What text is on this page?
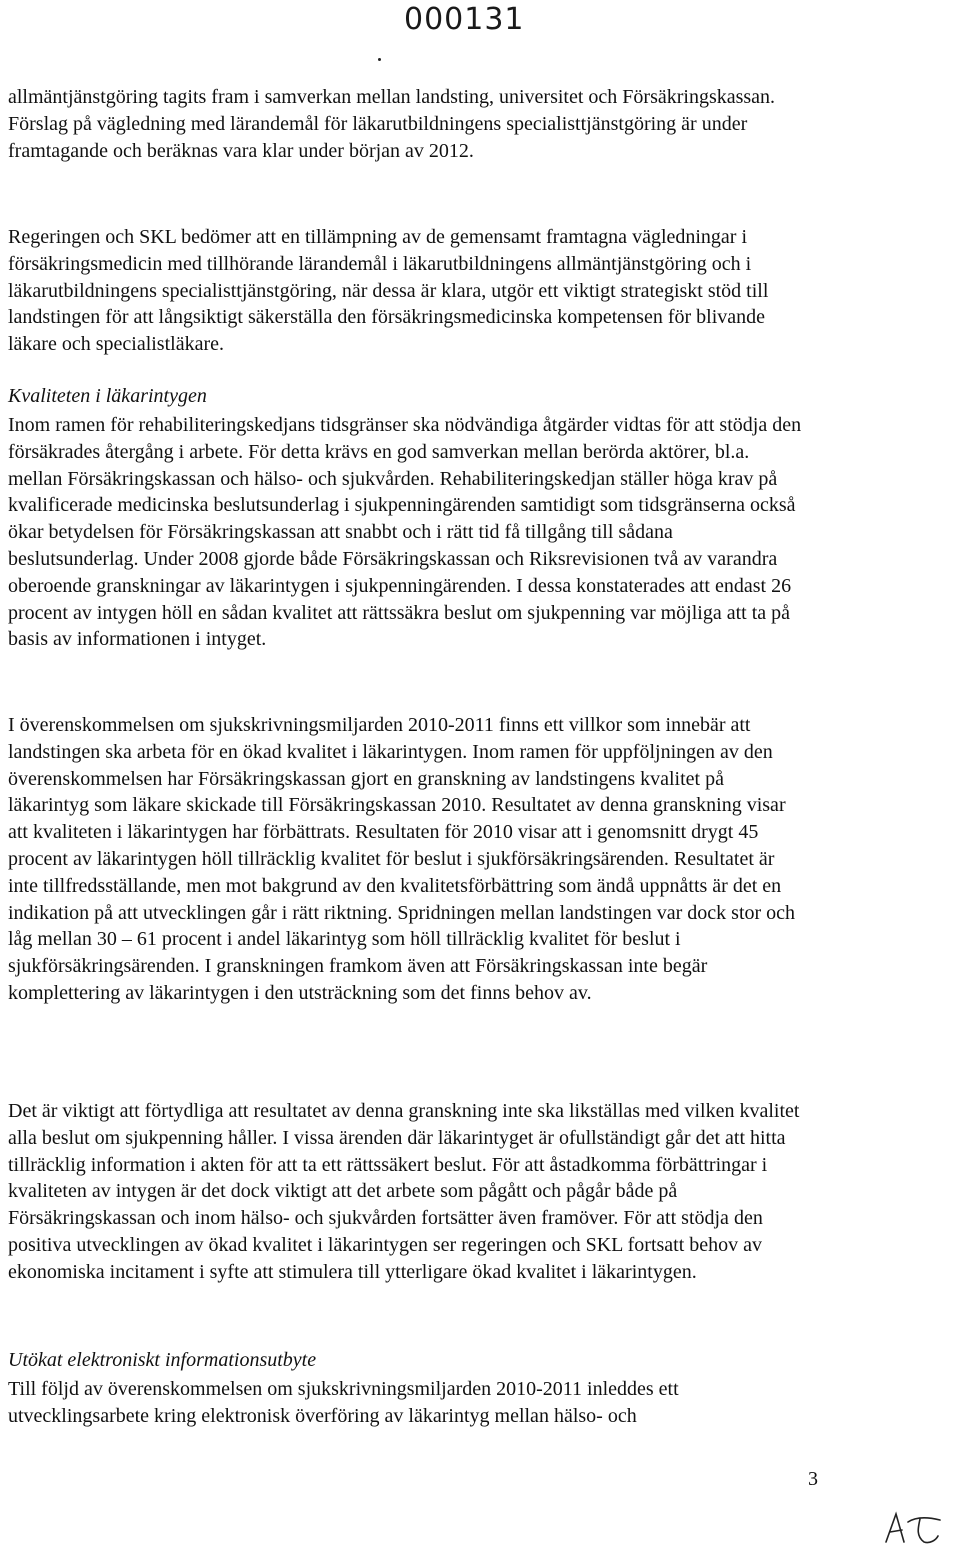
000131

allmäntjänstgöring tagits fram i samverkan mellan landsting, universitet och Försäkringskassan. Förslag på vägledning med lärandemål för läkarutbildningens specialisttjänstgöring är under framtagande och beräknas vara klar under början av 2012.

Regeringen och SKL bedömer att en tillämpning av de gemensamt framtagna vägledningar i försäkringsmedicin med tillhörande lärandemål i läkarutbildningens allmäntjänstgöring och i läkarutbildningens specialisttjänstgöring, när dessa är klara, utgör ett viktigt strategiskt stöd till landstingen för att långsiktigt säkerställa den försäkringsmedicinska kompetensen för blivande läkare och specialistläkare.

Kvaliteten i läkarintygen

Inom ramen för rehabiliteringskedjans tidsgränser ska nödvändiga åtgärder vidtas för att stödja den försäkrades återgång i arbete. För detta krävs en god samverkan mellan berörda aktörer, bl.a. mellan Försäkringskassan och hälso- och sjukvården. Rehabiliteringskedjan ställer höga krav på kvalificerade medicinska beslutsunderlag i sjukpenningärenden samtidigt som tidsgränserna också ökar betydelsen för Försäkringskassan att snabbt och i rätt tid få tillgång till sådana beslutsunderlag. Under 2008 gjorde både Försäkringskassan och Riksrevisionen två av varandra oberoende granskningar av läkarintygen i sjukpenningärenden. I dessa konstaterades att endast 26 procent av intygen höll en sådan kvalitet att rättssäkra beslut om sjukpenning var möjliga att ta på basis av informationen i intyget.

I överenskommelsen om sjukskrivningsmiljarden 2010-2011 finns ett villkor som innebär att landstingen ska arbeta för en ökad kvalitet i läkarintygen. Inom ramen för uppföljningen av den överenskommelsen har Försäkringskassan gjort en granskning av landstingens kvalitet på läkarintyg som läkare skickade till Försäkringskassan 2010. Resultatet av denna granskning visar att kvaliteten i läkarintygen har förbättrats. Resultaten för 2010 visar att i genomsnitt drygt 45 procent av läkarintygen höll tillräcklig kvalitet för beslut i sjukförsäkringsärenden. Resultatet är inte tillfredsställande, men mot bakgrund av den kvalitetsförbättring som ändå uppnåtts är det en indikation på att utvecklingen går i rätt riktning. Spridningen mellan landstingen var dock stor och låg mellan 30 – 61 procent i andel läkarintyg som höll tillräcklig kvalitet för beslut i sjukförsäkringsärenden. I granskningen framkom även att Försäkringskassan inte begär komplettering av läkarintygen i den utsträckning som det finns behov av.

Det är viktigt att förtydliga att resultatet av denna granskning inte ska likställas med vilken kvalitet alla beslut om sjukpenning håller. I vissa ärenden där läkarintyget är ofullständigt går det att hitta tillräcklig information i akten för att ta ett rättssäkert beslut. För att åstadkomma förbättringar i kvaliteten av intygen är det dock viktigt att det arbete som pågått och pågår både på Försäkringskassan och inom hälso- och sjukvården fortsätter även framöver. För att stödja den positiva utvecklingen av ökad kvalitet i läkarintygen ser regeringen och SKL fortsatt behov av ekonomiska incitament i syfte att stimulera till ytterligare ökad kvalitet i läkarintygen.

Utökat elektroniskt informationsutbyte

Till följd av överenskommelsen om sjukskrivningsmiljarden 2010-2011 inleddes ett utvecklingsarbete kring elektronisk överföring av läkarintyg mellan hälso- och

3
